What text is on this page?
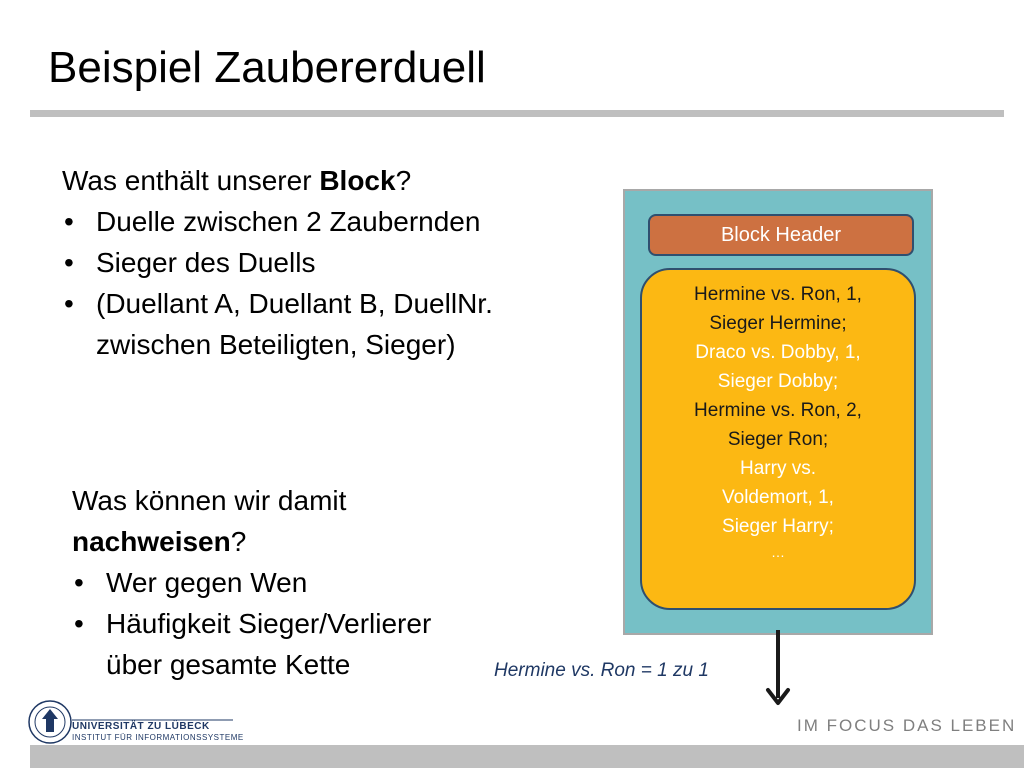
Beispiel Zaubererduell
Was enthält unserer Block?
• Duelle zwischen 2 Zaubernden
• Sieger des Duells
• (Duellant A, Duellant B, DuellNr. zwischen Beteiligten, Sieger)
Was können wir damit nachweisen?
• Wer gegen Wen
• Häufigkeit Sieger/Verlierer über gesamte Kette
Block Header
Hermine vs. Ron, 1,
Sieger Hermine;
Draco vs. Dobby, 1,
Sieger Dobby;
Hermine vs. Ron, 2,
Sieger Ron;
Harry vs.
Voldemort, 1,
Sieger Harry;
…
Hermine vs. Ron = 1 zu 1
UNIVERSITÄT ZU LÜBECK
INSTITUT FÜR INFORMATIONSSYSTEME
IM FOCUS DAS LEBEN
